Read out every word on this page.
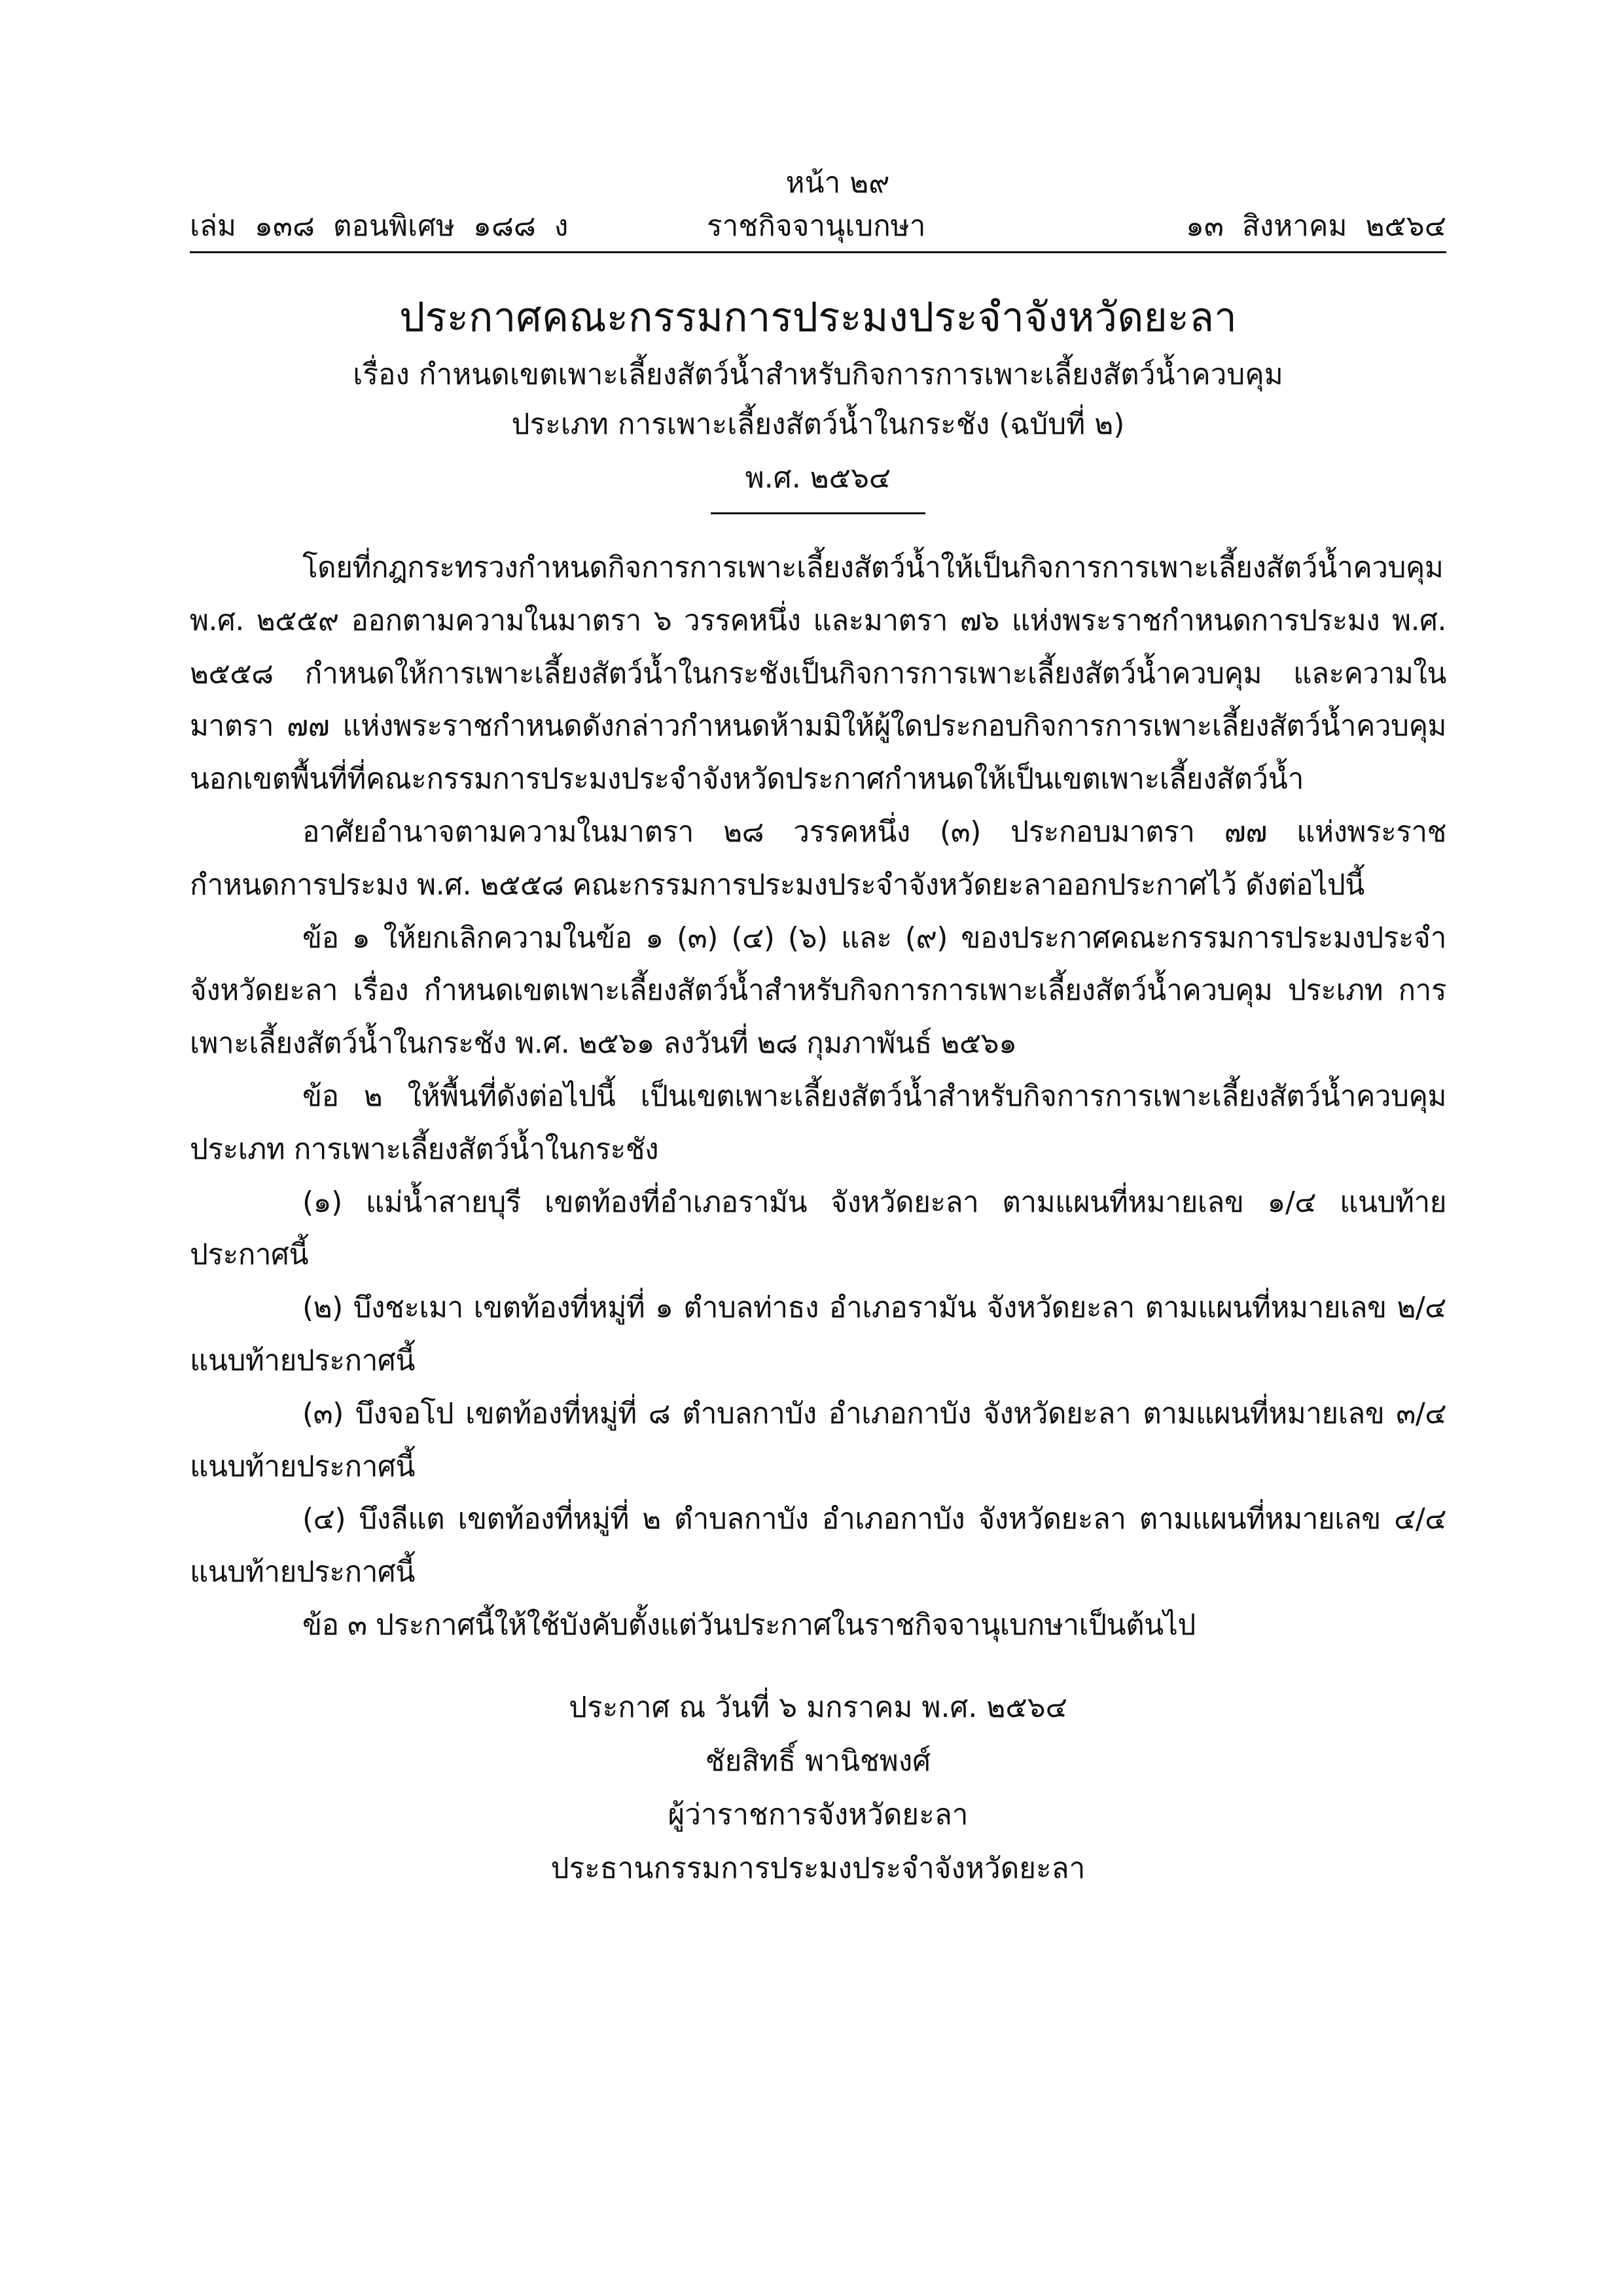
หน้า ๒๙
เล่ม ๑๓๘ ตอนพิเศษ ๑๘๘ ง	ราชกิจจานุเบกษา	๑๓ สิงหาคม ๒๕๖๔
ประกาศคณะกรรมการประมงประจำจังหวัดยะลา
เรื่อง กำหนดเขตเพาะเลี้ยงสัตว์น้ำสำหรับกิจการการเพาะเลี้ยงสัตว์น้ำควบคุม
ประเภท การเพาะเลี้ยงสัตว์น้ำในกระชัง (ฉบับที่ ๒)
พ.ศ. ๒๕๖๔

โดยที่กฎกระทรวงกำหนดกิจการการเพาะเลี้ยงสัตว์น้ำให้เป็นกิจการการเพาะเลี้ยงสัตว์น้ำควบคุม พ.ศ. ๒๕๕๙ ออกตามความในมาตรา ๖ วรรคหนึ่ง และมาตรา ๗๖ แห่งพระราชกำหนดการประมง พ.ศ. ๒๕๕๘ กำหนดให้การเพาะเลี้ยงสัตว์น้ำในกระชังเป็นกิจการการเพาะเลี้ยงสัตว์น้ำควบคุม และความในมาตรา ๗๗ แห่งพระราชกำหนดดังกล่าวกำหนดห้ามมิให้ผู้ใดประกอบกิจการการเพาะเลี้ยงสัตว์น้ำควบคุมนอกเขตพื้นที่ที่คณะกรรมการประมงประจำจังหวัดประกาศกำหนดให้เป็นเขตเพาะเลี้ยงสัตว์น้ำ

อาศัยอำนาจตามความในมาตรา ๒๘ วรรคหนึ่ง (๓) ประกอบมาตรา ๗๗ แห่งพระราชกำหนดการประมง พ.ศ. ๒๕๕๘ คณะกรรมการประมงประจำจังหวัดยะลาออกประกาศไว้ ดังต่อไปนี้

ข้อ ๑ ให้ยกเลิกความในข้อ ๑ (๓) (๔) (๖) และ (๙) ของประกาศคณะกรรมการประมงประจำจังหวัดยะลา เรื่อง กำหนดเขตเพาะเลี้ยงสัตว์น้ำสำหรับกิจการการเพาะเลี้ยงสัตว์น้ำควบคุม ประเภท การเพาะเลี้ยงสัตว์น้ำในกระชัง พ.ศ. ๒๕๖๑ ลงวันที่ ๒๘ กุมภาพันธ์ ๒๕๖๑

ข้อ ๒ ให้พื้นที่ดังต่อไปนี้ เป็นเขตเพาะเลี้ยงสัตว์น้ำสำหรับกิจการการเพาะเลี้ยงสัตว์น้ำควบคุม ประเภท การเพาะเลี้ยงสัตว์น้ำในกระชัง

(๑) แม่น้ำสายบุรี เขตท้องที่อำเภอรามัน จังหวัดยะลา ตามแผนที่หมายเลข ๑/๔ แนบท้ายประกาศนี้

(๒) บึงชะเมา เขตท้องที่หมู่ที่ ๑ ตำบลท่าธง อำเภอรามัน จังหวัดยะลา ตามแผนที่หมายเลข ๒/๔ แนบท้ายประกาศนี้

(๓) บึงจอโป เขตท้องที่หมู่ที่ ๘ ตำบลกาบัง อำเภอกาบัง จังหวัดยะลา ตามแผนที่หมายเลข ๓/๔ แนบท้ายประกาศนี้

(๔) บึงลีแต เขตท้องที่หมู่ที่ ๒ ตำบลกาบัง อำเภอกาบัง จังหวัดยะลา ตามแผนที่หมายเลข ๔/๔ แนบท้ายประกาศนี้

ข้อ ๓ ประกาศนี้ให้ใช้บังคับตั้งแต่วันประกาศในราชกิจจานุเบกษาเป็นต้นไป

ประกาศ ณ วันที่ ๖ มกราคม พ.ศ. ๒๕๖๔
ชัยสิทธิ์ พานิชพงศ์
ผู้ว่าราชการจังหวัดยะลา
ประธานกรรมการประมงประจำจังหวัดยะลา
